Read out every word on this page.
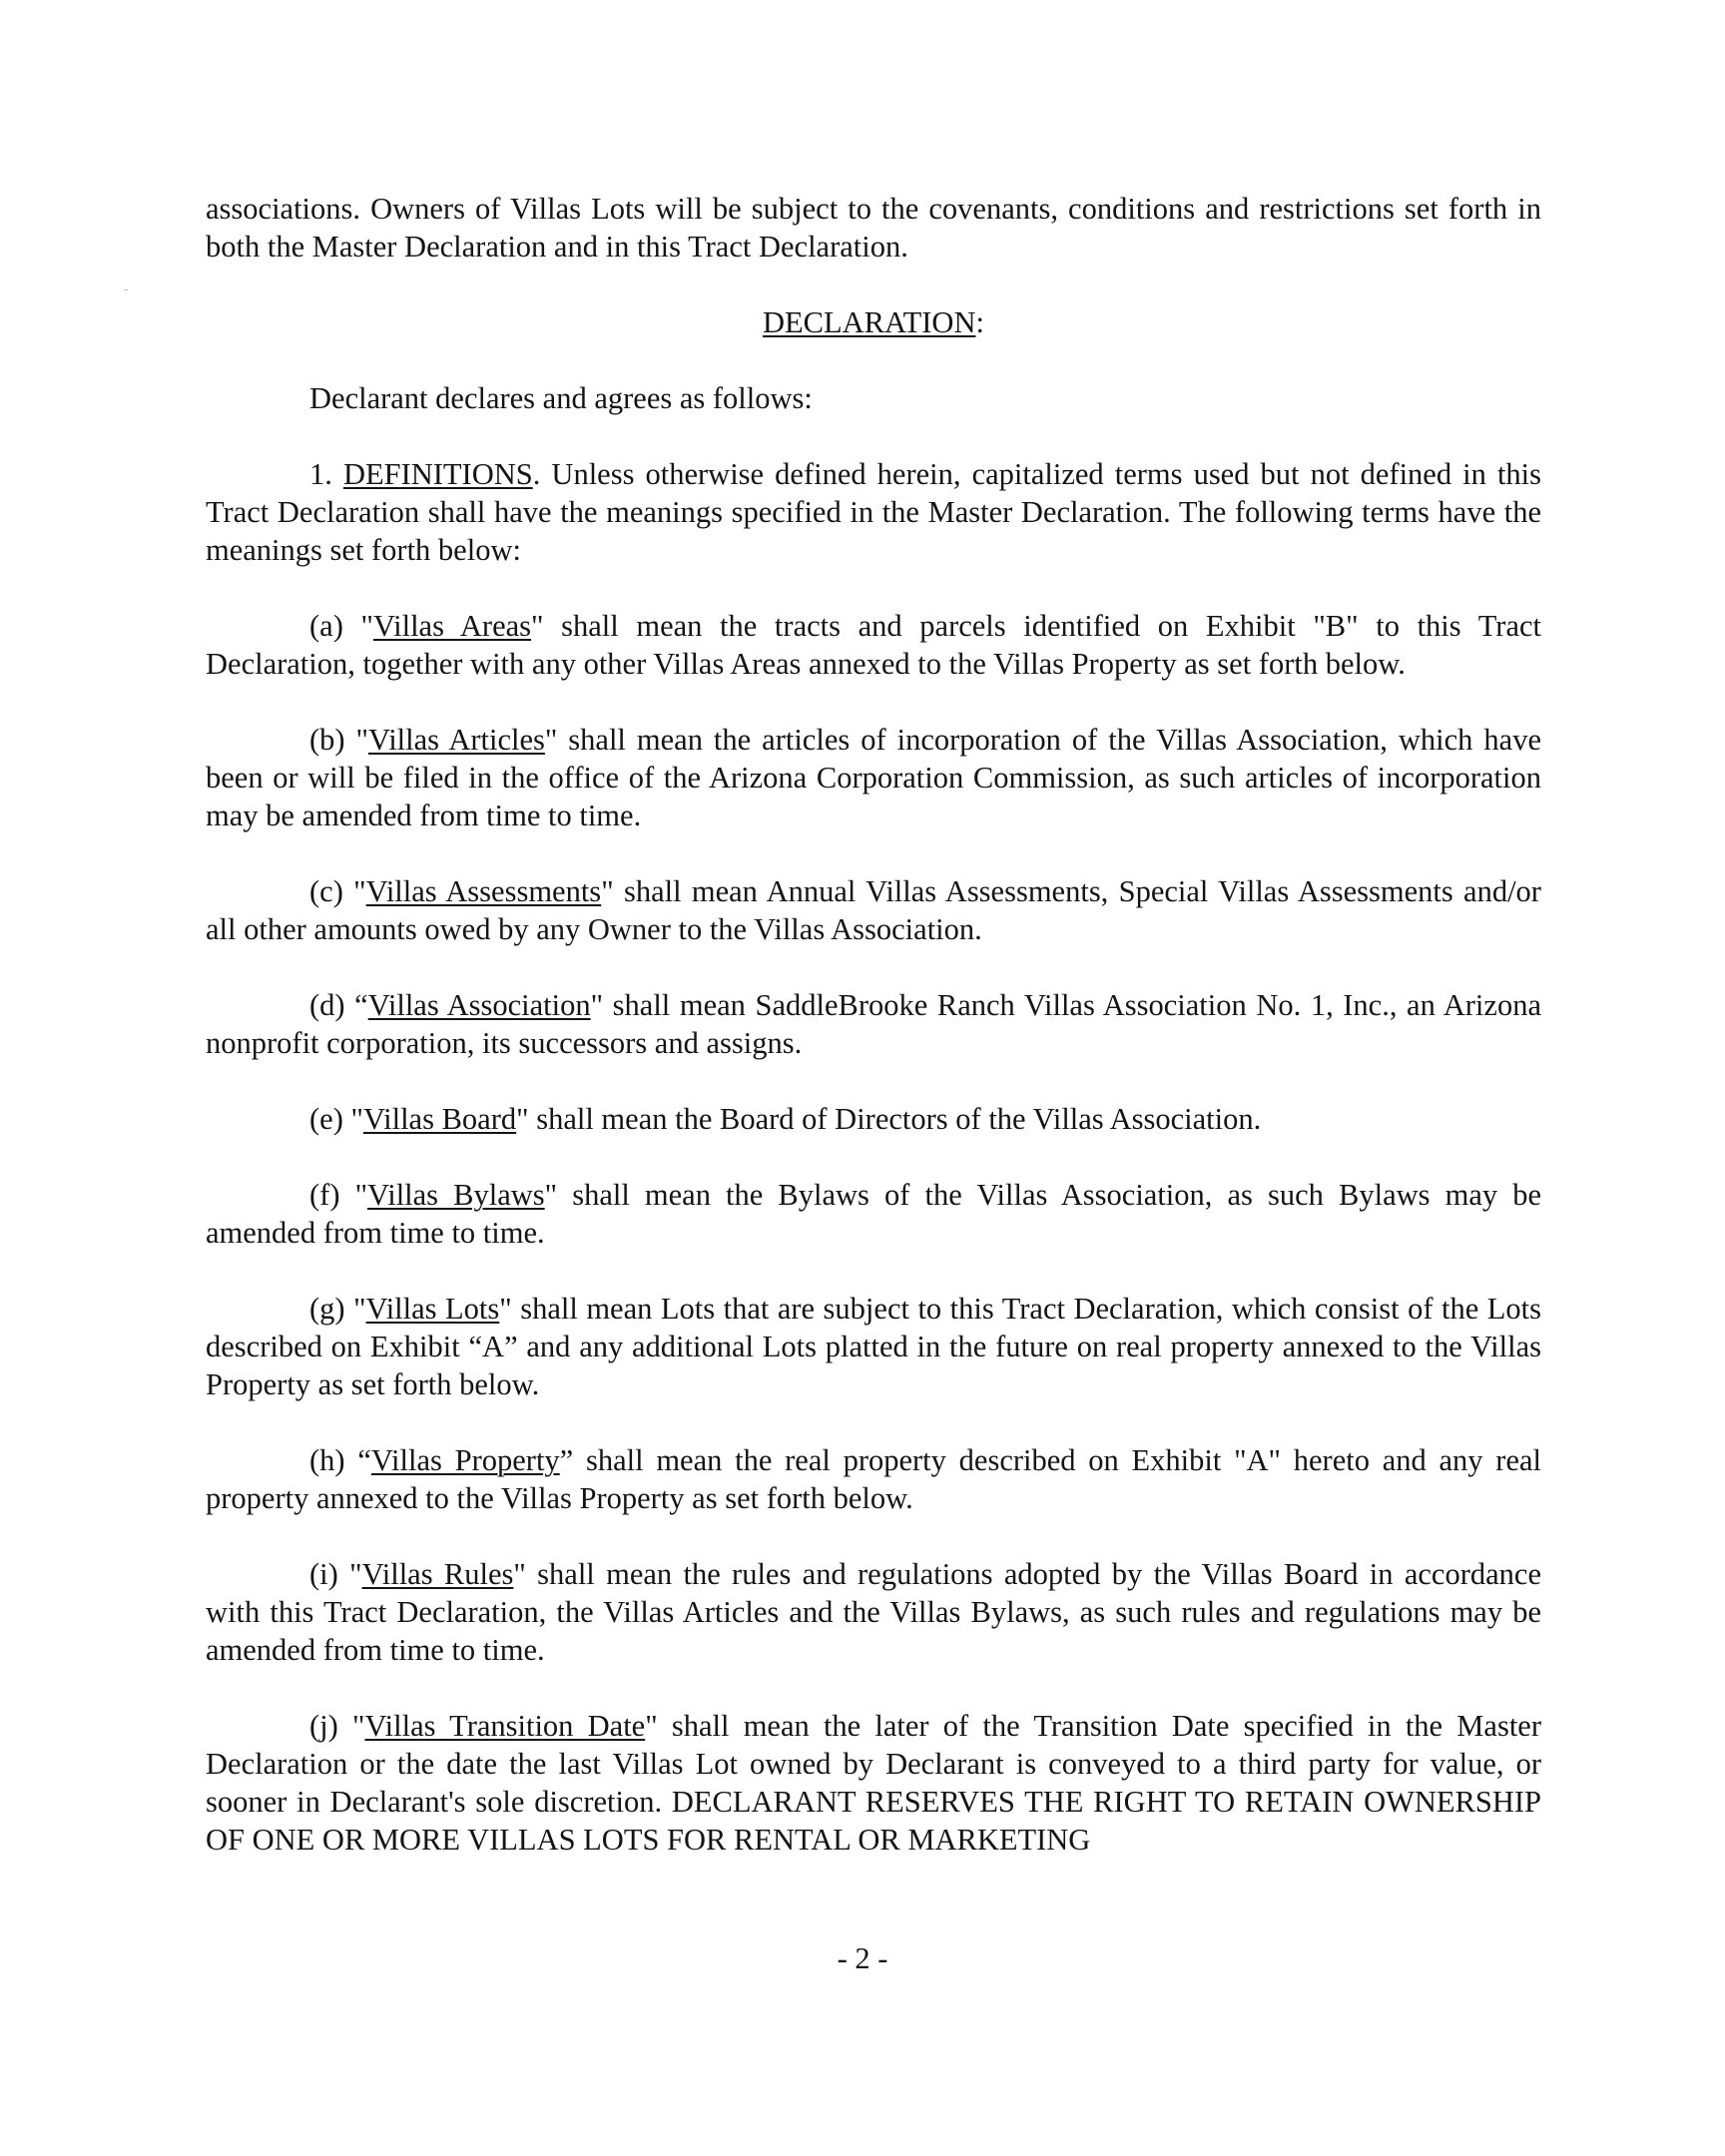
associations. Owners of Villas Lots will be subject to the covenants, conditions and restrictions set forth in both the Master Declaration and in this Tract Declaration.

DECLARATION:

Declarant declares and agrees as follows:

1. DEFINITIONS. Unless otherwise defined herein, capitalized terms used but not defined in this Tract Declaration shall have the meanings specified in the Master Declaration. The following terms have the meanings set forth below:

(a) "Villas Areas" shall mean the tracts and parcels identified on Exhibit "B" to this Tract Declaration, together with any other Villas Areas annexed to the Villas Property as set forth below.

(b) "Villas Articles" shall mean the articles of incorporation of the Villas Association, which have been or will be filed in the office of the Arizona Corporation Commission, as such articles of incorporation may be amended from time to time.

(c) "Villas Assessments" shall mean Annual Villas Assessments, Special Villas Assessments and/or all other amounts owed by any Owner to the Villas Association.

(d) “Villas Association" shall mean SaddleBrooke Ranch Villas Association No. 1, Inc., an Arizona nonprofit corporation, its successors and assigns.

(e) "Villas Board" shall mean the Board of Directors of the Villas Association.

(f) "Villas Bylaws" shall mean the Bylaws of the Villas Association, as such Bylaws may be amended from time to time.

(g) "Villas Lots" shall mean Lots that are subject to this Tract Declaration, which consist of the Lots described on Exhibit “A” and any additional Lots platted in the future on real property annexed to the Villas Property as set forth below.

(h) “Villas Property” shall mean the real property described on Exhibit "A" hereto and any real property annexed to the Villas Property as set forth below.

(i) "Villas Rules" shall mean the rules and regulations adopted by the Villas Board in accordance with this Tract Declaration, the Villas Articles and the Villas Bylaws, as such rules and regulations may be amended from time to time.

(j) "Villas Transition Date" shall mean the later of the Transition Date specified in the Master Declaration or the date the last Villas Lot owned by Declarant is conveyed to a third party for value, or sooner in Declarant's sole discretion. DECLARANT RESERVES THE RIGHT TO RETAIN OWNERSHIP OF ONE OR MORE VILLAS LOTS FOR RENTAL OR MARKETING

- 2 -
